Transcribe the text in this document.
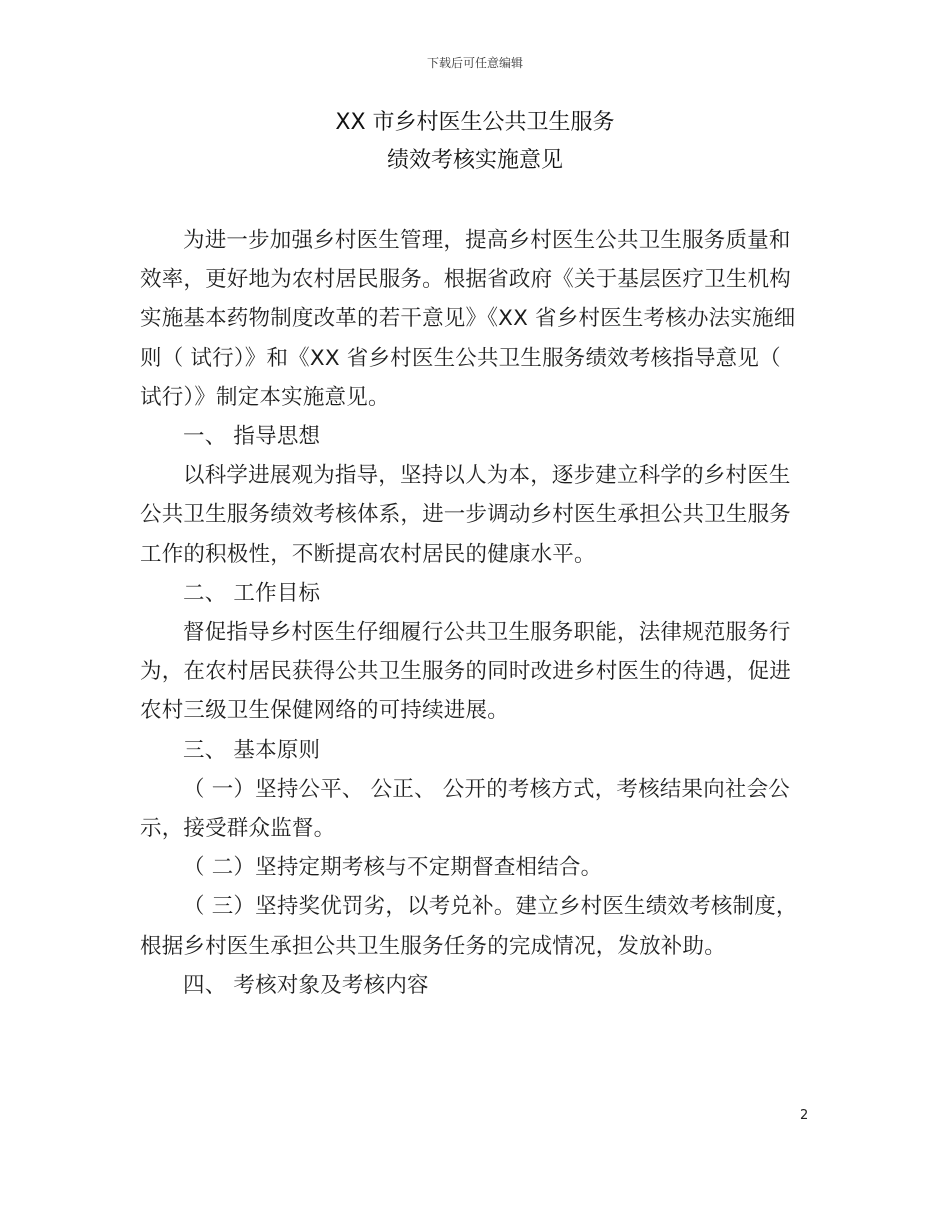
下载后可任意编辑
XX 市乡村医生公共卫生服务
绩效考核实施意见

为进一步加强乡村医生管理，提高乡村医生公共卫生服务质量和效率，更好地为农村居民服务。根据省政府《关于基层医疗卫生机构实施基本药物制度改革的若干意见》《XX 省乡村医生考核办法实施细则（ 试行）》和《XX 省乡村医生公共卫生服务绩效考核指导意见（ 试行）》制定本实施意见。

一、 指导思想

以科学进展观为指导，坚持以人为本，逐步建立科学的乡村医生公共卫生服务绩效考核体系，进一步调动乡村医生承担公共卫生服务工作的积极性，不断提高农村居民的健康水平。

二、 工作目标

督促指导乡村医生仔细履行公共卫生服务职能，法律规范服务行为，在农村居民获得公共卫生服务的同时改进乡村医生的待遇，促进农村三级卫生保健网络的可持续进展。

三、 基本原则

（ 一）坚持公平、 公正、 公开的考核方式，考核结果向社会公示，接受群众监督。

（ 二）坚持定期考核与不定期督查相结合。

（ 三）坚持奖优罚劣，以考兑补。建立乡村医生绩效考核制度，根据乡村医生承担公共卫生服务任务的完成情况，发放补助。

四、 考核对象及考核内容

2
